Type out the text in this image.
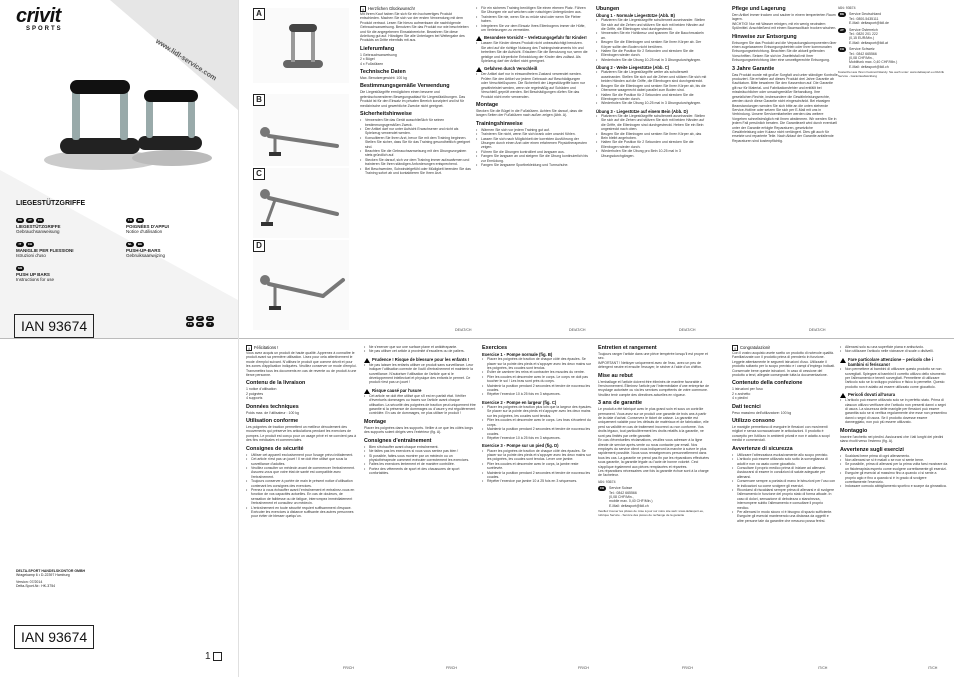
crivit
SPORTS
www.lidl-service.com
LIEGESTÜTZGRIFFE
DE	AT	CH
LIEGESTÜTZGRIFFE
Gebrauchsanweisung
FR	BE
POIGNÉES D'APPUI
Notice d'utilisation
IT	CH
MANIGLIE PER FLESSIONI
Istruzioni d'uso
NL	BE
PUSH-UP-BARS
Gebruiksaanwijzing
GB
PUSH UP BARS
Instructions for use
IAN 93674	DE	AT	CH
FR	BE	IT
A
B
C
D
i Herzlichen Glückwunsch!

Mit Ihrem Kauf haben Sie sich für ein hochwertiges Produkt entschieden. Machen Sie sich vor der ersten Verwendung mit dem Produkt vertraut. Lesen Sie hierzu aufmerksam die nachfolgende Gebrauchsanweisung. Benutzen Sie das Produkt nur wie beschrieben und für die angegebenen Einsatzbereiche. Bewahren Sie diese Anleitung gut auf. Händigen Sie alle Unterlagen bei Weitergabe des Produkts an Dritte ebenfalls mit aus.

Lieferumfang

1 Gebrauchsanweisung
2 x Bügel
4 x Fußstützen

Technische Daten

Max. Benutzergewicht: 100 kg

Bestimmungsgemäße Verwendung

Die Liegestützgriffe ermöglichen einen bessere und gelenkschonenderen Bewegungsablauf für Liegestützübungen. Das Produkt ist für den Einsatz im privaten Bereich konzipiert und ist für medizinische und gewerbliche Zwecke nicht geeignet.

Sicherheitshinweise
• Verwenden Sie das Gerät ausschließlich für seinen bestimmungsgemäßen Zweck.
• Der Artikel darf nur unter Aufsicht Erwachsener und nicht als Spielzeug verwendet werden.
• Konsultieren Sie Ihren Arzt, bevor Sie mit dem Training beginnen. Stellen Sie sicher, dass Sie für das Training gesundheitlich geeignet sind.
• Beachten Sie die Gebrauchsanweisung mit den Übungsvorgaben stets gründlich auf.
• Stecken Sie darauf, sich vor dem Training immer aufzuwärmen und trainieren Sie Ihren ständigen Anforderungen entsprechend.
• Bei Beschwerden, Schwindelgefühl oder Müdigkeit beenden Sie das Training sofort ab und kontaktieren Sie Ihren Arzt.
• Für ein sicheres Training benötigen Sie einen ebenen Platz. Führen Sie Übungen nie auf weichen oder rutschigen Untergründen aus.
• Trainieren Sie nie, wenn Sie zu müde sind oder wenn Sie Fieber haben.
• Integrieren Sie vor dem Einsatz Ihres Ellenbogens immer die Hüfte, um Verletzungen zu vermeiden.
Besondere Vorsicht – Verletzungsgefahr für Kinder!
• Lassen Sie Kinder dieses Produkt nicht unbeaufsichtigt benutzen. Sie wird auf die richtige Nutzung des Trainingsinstruments hin und betreiben Sie die Aufsicht. Erlauben Sie die Benutzung nur, wenn die geistige und körperliche Entwicklung der Kinder dies zulässt. Als Spielzeug darf der Artikel nicht gereignet.
Gefahren durch Verschleiß
• Der Artikel darf nur in einwandfreiem Zustand verwendet werden. Prüfen Sie den Artikel vor jedem Gebrauch auf Beschädigungen oder Verschleißspuren. Die Sicherheit der Liegestützgriffe kann nur gewährleistet werden, wenn sie regelmäßig auf Schäden und Verschleiß geprüft werden. Bei Beschädigungen dürfen Sie das Produkt nicht mehr verwenden.
Montage

Stecken Sie die Bügel in die Fußstützen. Achten Sie darauf, dass die langen Seiten der Fußstützen nach außen zeigen (Abb. A).

Trainingshinweise
• Wärmen Sie sich vor jedem Training gut auf.
• Trainieren Sie nicht, wenn Sie sich krank oder unwohl fühlen.
• Lassen Sie sich nach Möglichkeit der korrekten Ausführung der Übungen durch einen Arzt oder einen erfahrenen Physiotherapeuten zeigen.
• Führen Sie die Übungen kontrolliert und langsam aus.
• Fangen Sie langsam an und steigern Sie die Übung kontinuierlich bis zur Ermüdung.
• Fangen Sie langsame Sportbekleidung und Turnschuhe.
Übungen
Übung 1 - Normale Liegestütze (Abb. B)
• Platzieren Sie die Liegestützgriffe schulterweit auseinander. Stellen Sie sich auf die Zehen und stützen Sie sich mit beiden Händen auf die Griffe, die Ellenbogen sind durchgestreckt.
• Verwenden Sie ein Hohlkreuz und spannen Sie die Bauchmuskeln an.
• Beugen Sie die Ellenbogen und senken Sie Ihren Körper ab. Der Körper sollte den Boden nicht berühren.
• Halten Sie die Position für 2 Sekunden und strecken Sie die Ellenbogen wieder durch.
• Wiederholen Sie die Übung 10-25 mal in 3 Übungsdurchgängen.
Übung 2 - Weite Liegestütze (Abb. C)
• Platzieren Sie die Liegestützgriffe weiter als schulterweit auseinander. Stellen Sie sich auf die Zehen und stützen Sie sich mit beiden Händen auf die Griffe, die Ellenbogen sind durchgestreckt.
• Beugen Sie die Ellenbogen und senken Sie Ihren Körper ab, bis die Oberarme waagerecht dabei parallel zum Boden sind.
• Halten Sie die Position für 2 Sekunden und strecken Sie die Ellenbogen wieder durch.
• Wiederholen Sie die Übung 10-25 mal in 3 Übungsdurchgängen.
Übung 3 - Liegestütze auf einem Bein (Abb. D)
• Platzieren Sie die Liegestützgriffe schulterweit auseinander. Stellen Sie sich auf die Zehen und stützen Sie sich mit beiden Händen auf die Griffe, die Ellenbogen sind durchgestreckt. Heben Sie ein Bein ungestreckt nach oben.
• Beugen Sie die Ellenbogen und senken Sie Ihren Körper ab, das Bein bleibt angehoben.
• Halten Sie die Position für 2 Sekunden und strecken Sie die Ellenbogen wieder durch.
• Wiederholen Sie die Übung pro Bein 10-25 mal in 3 Übungsdurchgängen.
Pflege und Lagerung

Den Artikel immer trocken und sauber in einem temperierten Raum lagern.
WICHTIG! Nur mit Wasser reinigen, mit ein wenig neutralem Spülmittel. Anschließend mit einem Baumwolltuch trocken wischen.

Hinweise zur Entsorgung

Entsorgen Sie das Produkt und die Verpackungskomponenten über einen zugelassenen Entsorgungsbetrieb oder Ihrer kommunalen Entsorgungseinrichtung. Beachten Sie die aktuell geltenden Vorschriften. Setzen Sie sich im Zweifelsfall mit Ihrer Entsorgungseinrichtung über eine umweltgerechte Entsorgung.

3 Jahre Garantie

Das Produkt wurde mit großer Sorgfalt und unter ständiger Kontrolle produziert. Sie erhalten auf dieses Produkt drei Jahre Garantie ab Kaufdatum. Bitte bewahren Sie den Kassenbon auf. Die Garantie gilt nur für Material- und Fabrikationsfehler und entfällt bei missbräuchlicher oder unsachgemäßer Behandlung. Ihre gesetzlichen Rechte, insbesondere die Gewährleistungsrechte, werden durch diese Garantie nicht eingeschränkt. Bei etwaigen Beanstandungen wenden Sie sich bitte an die unten stehende Service-Hotline oder setzen Sie sich per E-Mail mit uns in Verbindung. Unsere Servicemitarbeiter werden das weitere Vorgehen schnellstmöglich mit Ihnen abstimmen. Wir werden Sie in jedem Fall persönlich beraten. Die Garantiezeit wird durch eventuell unter der Garantie erfolgte Reparaturen, gesetzliche Gewährleistung oder Kulanz nicht verlängert. Dies gilt auch für ersetzte und reparierte Teile. Nach Ablauf der Garantie anfallende Reparaturen sind kostenpflichtig.

IAN: 93674

DE	Service Deutschland
Tel.: 0800-5435111
E-Mail: deltasport@lidl.de

AT	Service Österreich
Tel.: 0820 201 222
(0,15 EUR/Min.)
E-Mail: deltasport@lidl.at

CH	Service Schweiz
Tel.: 0842 665566
(0,08 CHF/Min.,
Mobilfunk max. 0,40 CHF/Min.)
E-Mail: deltasport@lidl.ch

Kostenfrei aus Ihrem Festnetz/Handy. Sie auch unter: www.deltasport.eu Rubrik Service - Garantieabwicklung

DE/AT/CH	DE/AT/CH	DE/AT/CH	DE/AT/CH
DELTA-SPORT HANDELSKONTOR GMBH
Wragekamp 6 • D-22397 Hamburg
Version: 07/2014
Delta-Sport-Nr.: HK-3754
IAN 93674
1
i Félicitations !

Vous avez acquis un produit de haute qualité. Apprenez à connaître le produit avant sa première utilisation. Lisez pour cela attentivement le mode d'emploi suivant. N'utilisez le produit que comme décrit et pour les zones d'application indiquées. Veuillez conserver ce mode d'emploi. Transmettez tous les documents en cas de revente ou de produit à une tierce personne.

Contenu de la livraison

1 notice d'utilisation
2 poignées
4 supports

Données techniques

Poids max. de l'utilisateur : 100 kg

Utilisation conforme

Les poignées de traction permettent un meilleur déroulement des mouvements qui préserve les articulations pendant les exercices de pompes. Le produit est conçu pour un usage privé et ne convient pas à des fins médicales et commerciales.

Consignes de sécurité
• Utiliser cet appareil exclusivement pour l'usage prévu initialement.
• Cet article n'est pas un jouet ! Il ne doit être utilisé que sous la surveillance d'adultes.
• Veuillez consulter un médecin avant de commencer l'entraînement. Assurez-vous que votre état de santé est compatible avec l'entraînement.
• Toujours conserver à portée de main le présent notice d'utilisation contenant les consignes des exercices.
• Prenez à vous échauffer avant l'entraînement et entraînez-vous en fonction de vos capacités actuelles. En cas de douleurs, de sensation de faiblesse ou de fatigue, interrompez immédiatement l'entraînement et consultez un médecin.
• L'entraînement en toute sécurité requiert suffisamment d'espace. Exécuter les exercices à distance suffisante des autres personnes pour éviter de blesser quelqu'un.
• Ne s'exercer que sur une surface plane et antidérapante.
• Ne pas utiliser cet article à proximité d'escaliers ou de paliers.
Prudence ! Risque de blessure pour les enfants !
• Ne pas laisser les enfants utiliser ce produit sans surveillance. Leur indiquer l'utilisation correcte de l'outil d'entraînement et maintenir la surveillance. N'autoriser l'utilisation de l'article que si le développement intellectuel et physique des enfants le permet. Ce produit n'est pas un jouet !
Risque causé par l'usure
• Cet article ne doit être utilisé que s'il est en parfait état. Vérifier d'éventuels dommages ou traces sur l'article avant chaque utilisation. La sécurité des poignées de traction peut uniquement être garantie si la présence de dommages ou d'usure y est régulièrement contrôlée. En cas de dommages, ne plus utiliser le produit !
Montage

Placer les poignées dans les supports. Veiller à ce que les côtés longs des supports soient dirigés vers l'extérieur (fig. A).

Consignes d'entraînement
• Bien s'échauffer avant chaque entraînement.
• Ne faites pas les exercices si vous vous sentez pas bien !
• Si possible, faites-vous montrer par un médecin ou un physiothérapeute comment exécuter correctement les exercices.
• Faites les exercices lentement et de manière contrôlée.
• Portez des vêtements de sport et des chaussures de sport confortables.
Exercices
Exercice 1 - Pompe normale (fig. B)
• Placer les poignées de traction de chaque côté des épaules. Se placer sur la pointe des pieds et s'appuyer avec les deux mains sur les poignées, les coudes sont tendus.
• Éviter de cambrer les reins et contracter les muscles du ventre.
• Plier les coudes et descendre avec le corps. Le corps ne doit pas toucher le sol ! Les bras sont près du corps.
• Maintenir la position pendant 2 secondes et tendre de nouveau les coudes.
• Répéter l'exercice 10 à 25 fois en 3 séquences.
Exercice 2 - Pompe en largeur (fig. C)
• Placer les poignées de traction plus loin que la largeur des épaules. Se placer sur la pointe des pieds et s'appuyer avec les deux mains sur les poignées, les coudes sont tendus.
• Plier les coudes et descendre avec le corps. Les bras s'écartent du corps.
• Maintenir la position pendant 2 secondes et tendre de nouveau les coudes.
• Répéter l'exercice 10 à 25 fois en 3 séquences.
Exercice 3 - Pompe sur un pied (fig. D)
• Placer les poignées de traction de chaque côté des épaules. Se placer sur la pointe des pieds et s'appuyer avec les deux mains sur les poignées, les coudes sont tendus. Lever une jambe.
• Plier les coudes et descendre avec le corps, la jambe reste surélevée.
• Maintenir la position pendant 2 secondes et tendre de nouveau les coudes.
• Répéter l'exercice par jambe 10 à 25 fois en 3 séquences.
Entretien et rangement

Toujours ranger l'article dans une pièce tempérée lorsqu'il est propre et sec.
IMPORTANT ! Nettoyer uniquement avec de l'eau, avec un peu de détergent neutre et ensuite l'essuyer, le sécher à l'aide d'un chiffon.

Mise au rebut

L'emballage et l'article doivent être éliminés de manière favorable à l'environnement. Éliminez l'article par l'intermédiaire d'une entreprise de recyclage autorisée ou via les services compétents de votre commune. Veuillez tenir compte des directives actuelles en vigueur.

3 ans de garantie

Le produit a été fabriqué avec le plus grand soin et sous un contrôle permanent. Vous avez sur ce produit une garantie de trois ans à partir de la date d'achat. Conservez le ticket de caisse. La garantie est uniquement valable pour les défauts de matériaux et de fabrication, elle perd sa validité en cas de traitement incorrect ou non conforme. Vos droits légaux, tout particulièrement les droits relatifs à la garantie, ne sont pas limités par cette garantie.
En cas d'éventuelles réclamations, veuillez vous adresser à la ligne directe de service après-vente ou nous contacter par email. Nos employés du service client vous indiqueront la marche à suivre le plus rapidement possible. Nous vous renseignerons personnellement dans tous les cas. La garantie ne prend pas fin par les réparations effectuées sous garantie, la garantie légale ou l'acte de bonne volonté. Ceci s'applique également aux pièces remplacées et réparées.
Les réparations nécessaires une fois la garantie échue sont à la charge de l'acheteur.

IAN: 93674

CH	Service Suisse
Tel.: 0842 665566
(0,08 CHF/Min.,
mobile max. 0,40 CHF/Min.)
E-Mail: deltasport@lidl.ch

Veuillez trouver les pilotes de mise à jour sur notre site web: www.deltasport.eu, rubrique Service - Service des pièces de rechange de la garantie

i Congratulazioni!

Con il vostro acquisto avete scelto un prodotto di notevole qualità. Familiarizzate con il prodotto prima di prenderlo in funzione. Leggete attentamente le seguenti istruzioni d'uso. Utilizzate il prodotto soltanto per lo scopo previsto e i campi d'impiego indicati. Conservate bene queste istruzioni. In caso di cessione del prodotto a terzi, allegate consegnate tutta la documentazione.

Contenuto della confezione

1 istruzioni per l'uso
2 x archetto
4 x piedini

Dati tecnici

Peso massimo dell'utilizzatore: 100 kg

Utilizzo consono

Le maniglie permettono di eseguire le flessioni con movimenti migliori e senza sovraccaricare le articolazioni. Il prodotto è concepito per l'utilizzo in ambienti privati e non è adatto a scopi medici e commerciali.

Avvertenze di sicurezza
• Utilizzare l'attrezzatura esclusivamente allo scopo previsto.
• L'articolo può essere utilizzato solo sotto la sorveglianza di adulti e non va usato come giocattolo.
• Consultare il proprio medico prima di iniziare ad allenarsi. Assicurarsi di essere in condizioni di salute adeguate per allenarsi.
• Conservare sempre a portata di mano le istruzioni per l'uso con le indicazioni su come svolgere gli esercizi.
• Ricordarsi di riscaldarsi sempre prima di allenarsi e di svolgere l'allenamento in funzione del proprio stato di forma attuale. In caso di dolori, sensazione di debolezza o stanchezza, interrompere subito l'allenamento e consultare il proprio medico.
• Per allenarsi in modo sicuro vi è bisogno di spazio sufficiente. Eseguire gli esercizi mantenendo una distanza da oggetti e altre persone tale da garantire che nessuno possa ferirsi.
• Allenarsi solo su una superficie piana e antiscivolo.
• Non utilizzare l'articolo nelle vicinanze di scale o dislivelli.
Fare particolare attenzione – pericolo che i bambini si feriscano!
• Non permettere ai bambini di utilizzare questo prodotto se non sorvegliati. Spiegare ai bambini il corretto utilizzo dello strumento per l'allenamento e tenerli sorvegliati. Permettere di utilizzare l'articolo solo se lo sviluppo psichico e fisico lo permette. Questo prodotto non è adatto ad essere utilizzato come giocattolo.
Pericoli dovuti all'usura
• L'articolo può essere utilizzato solo se in perfetto stato. Prima di ciascun utilizzo verificare che l'articolo non presenti danni o segni di usura. La sicurezza delle maniglie per flessioni può essere garantita solo se si verifica regolarmente che esse non presentino danni o segni di usura. Se il prodotto dovesse essere danneggiato, non può più essere utilizzato.
Montaggio

Inserire l'archetto nei piedini. Assicurarsi che i lati lunghi dei piedini siano rivolti verso l'esterno (fig. A).

Avvertenze sugli esercizi
• Scaldarsi bene prima di ogni allenamento.
• Non allenarsi se si è malati o se non si sente bene.
• Se possibile, prima di allenarsi per la prima volta farsi mostrare da un fisioterapista esperto come svolgere correttamente gli esercizi.
• Eseguire gli esercizi al massimo fino a quando ci si sente a proprio agio e fino a quando si è in grado di svolgere correttamente l'esercizio.
• Indossare comodo abbigliamento sportivo e scarpe da ginnastica.
FR/CH	FR/CH	FR/CH	FR/CH	IT/CH	IT/CH
